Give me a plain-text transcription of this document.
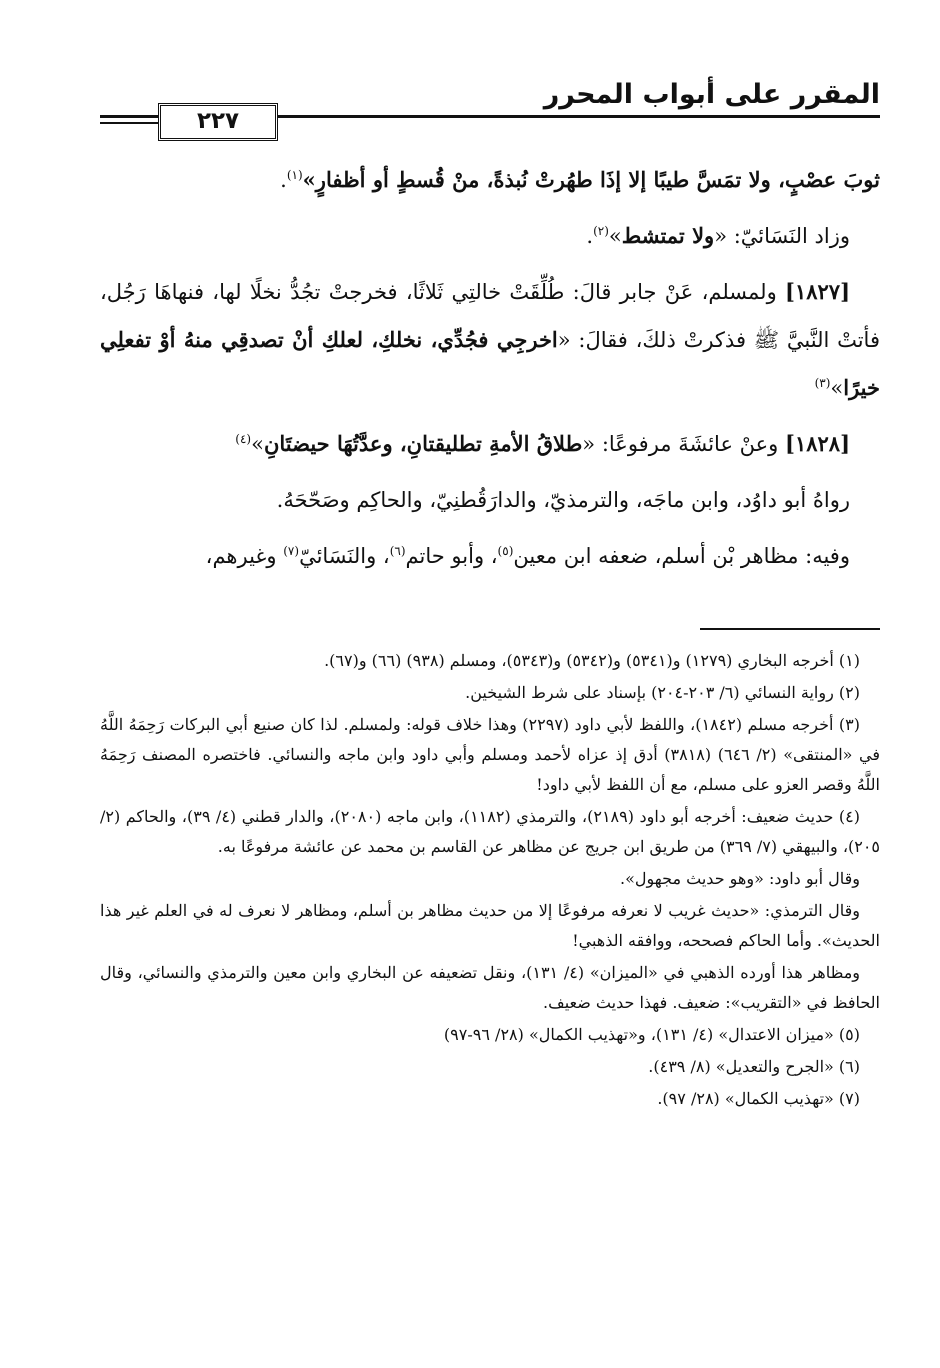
المقرر على أبواب المحرر
٢٢٧

ثوبَ عصْبٍ، ولا تمَسَّ طيبًا إلا إذَا طهُرتْ نُبذةً، منْ قُسطٍ أو أظفارٍ»$^{(١)}$.

وزاد النَسَائيّ: «ولا تمتشط»$^{(٢)}$.

[١٨٢٧] ولمسلم، عَنْ جابر قالَ: طُلِّقَتْ خالتِي ثَلاثًا، فخرجتْ تجُدُّ نخلًا لها، فنهاهَا رَجُل، فأتتْ النَّبيَّ ﷺ فذكرتْ ذلكَ، فقالَ: «اخرجِي فجُدِّي، نخلكِ، لعلكِ أنْ تصدقِي منهُ أوْ تفعلِي خيرًا»$^{(٣)}$

[١٨٢٨] وعنْ عائشَةَ مرفوعًا: «طلاقُ الأمةِ تطليقتانِ، وعدَّتُهَا حيضتَانِ»$^{(٤)}$

رواهُ أبو داوُد، وابن ماجَه، والترمذيّ، والدارَقُطنِيّ، والحاكِم وصَحّحَهُ.

وفيه: مظاهر بْن أسلم، ضعفه ابن معين$^{(٥)}$، وأبو حاتم$^{(٦)}$، والنَسَائيّ$^{(٧)}$ وغيرهم،

(١) أخرجه البخاري (١٢٧٩) و(٥٣٤١) و(٥٣٤٢) و(٥٣٤٣)، ومسلم (٩٣٨) (٦٦) و(٦٧).

(٢) رواية النسائي (٦/ ٢٠٣-٢٠٤) بإسناد على شرط الشيخين.

(٣) أخرجه مسلم (١٨٤٢)، واللفظ لأبي داود (٢٢٩٧) وهذا خلاف قوله: ولمسلم. لذا كان صنيع أبي البركات رَحِمَهُ اللَّهُ في «المنتقى» (٢/ ٦٤٦) (٣٨١٨) أدق إذ عزاه لأحمد ومسلم وأبي داود وابن ماجه والنسائي. فاختصره المصنف رَحِمَهُ اللَّهُ وقصر العزو على مسلم، مع أن اللفظ لأبي داود!

(٤) حديث ضعيف: أخرجه أبو داود (٢١٨٩)، والترمذي (١١٨٢)، وابن ماجه (٢٠٨٠)، والدار قطني (٤/ ٣٩)، والحاكم (٢/ ٢٠٥)، والبيهقي (٧/ ٣٦٩) من طريق ابن جريج عن مظاهر عن القاسم بن محمد عن عائشة مرفوعًا به.

وقال أبو داود: «وهو حديث مجهول».

وقال الترمذي: «حديث غريب لا نعرفه مرفوعًا إلا من حديث مظاهر بن أسلم، ومظاهر لا نعرف له في العلم غير هذا الحديث». وأما الحاكم فصححه، ووافقه الذهبي!

ومظاهر هذا أورده الذهبي في «الميزان» (٤/ ١٣١)، ونقل تضعيفه عن البخاري وابن معين والترمذي والنسائي، وقال الحافظ في «التقريب»: ضعيف. فهذا حديث ضعيف.

(٥) «ميزان الاعتدال» (٤/ ١٣١)، و«تهذيب الكمال» (٢٨/ ٩٦-٩٧)

(٦) «الجرح والتعديل» (٨/ ٤٣٩).

(٧) «تهذيب الكمال» (٢٨/ ٩٧).
